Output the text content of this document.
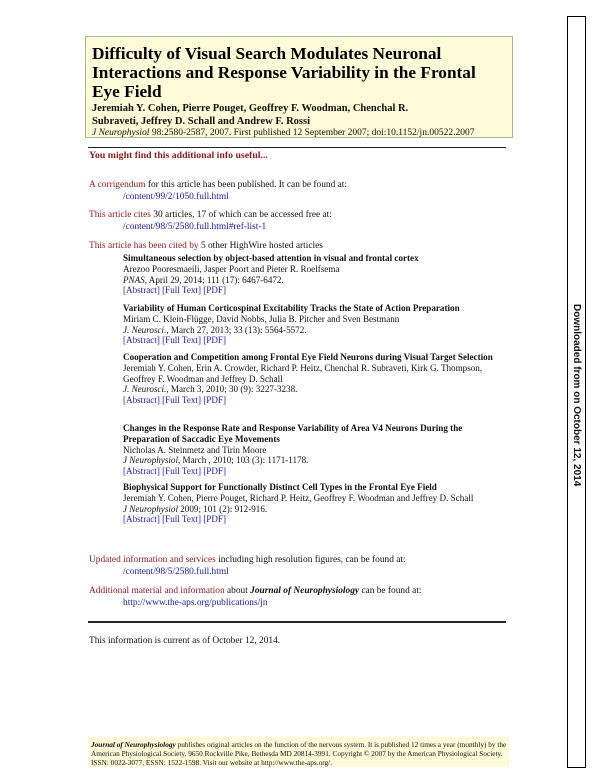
Difficulty of Visual Search Modulates Neuronal
Interactions and Response Variability in the Frontal
Eye Field
Jeremiah Y. Cohen, Pierre Pouget, Geoffrey F. Woodman, Chenchal R.
Subraveti, Jeffrey D. Schall and Andrew F. Rossi
J Neurophysiol 98:2580-2587, 2007. First published 12 September 2007; doi:10.1152/jn.00522.2007
You might find this additional info useful...
A corrigendum for this article has been published. It can be found at:
/content/99/2/1050.full.html
This article cites 30 articles, 17 of which can be accessed free at:
/content/98/5/2580.full.html#ref-list-1
This article has been cited by 5 other HighWire hosted articles
Simultaneous selection by object-based attention in visual and frontal cortex
Arezoo Pooresmaeili, Jasper Poort and Pieter R. Roelfsema
PNAS, April 29, 2014; 111 (17): 6467-6472.
[Abstract] [Full Text] [PDF]
Variability of Human Corticospinal Excitability Tracks the State of Action Preparation
Miriam C. Klein-Flügge, David Nobbs, Julia B. Pitcher and Sven Bestmann
J. Neurosci., March 27, 2013; 33 (13): 5564-5572.
[Abstract] [Full Text] [PDF]
Cooperation and Competition among Frontal Eye Field Neurons during Visual Target Selection
Jeremiah Y. Cohen, Erin A. Crowder, Richard P. Heitz, Chenchal R. Subraveti, Kirk G. Thompson, Geoffrey F. Woodman and Jeffrey D. Schall
J. Neurosci., March 3, 2010; 30 (9): 3227-3238.
[Abstract] [Full Text] [PDF]
Changes in the Response Rate and Response Variability of Area V4 Neurons During the Preparation of Saccadic Eye Movements
Nicholas A. Steinmetz and Tirin Moore
J Neurophysiol, March , 2010; 103 (3): 1171-1178.
[Abstract] [Full Text] [PDF]
Biophysical Support for Functionally Distinct Cell Types in the Frontal Eye Field
Jeremiah Y. Cohen, Pierre Pouget, Richard P. Heitz, Geoffrey F. Woodman and Jeffrey D. Schall
J Neurophysiol 2009; 101 (2): 912-916.
[Abstract] [Full Text] [PDF]
Updated information and services including high resolution figures, can be found at:
/content/98/5/2580.full.html
Additional material and information about Journal of Neurophysiology can be found at:
http://www.the-aps.org/publications/jn
This information is current as of October 12, 2014.
Journal of Neurophysiology publishes original articles on the function of the nervous system. It is published 12 times a year (monthly) by the American Physiological Society, 9650 Rockville Pike, Bethesda MD 20814-3991. Copyright © 2007 by the American Physiological Society. ISSN: 0022-3077, ESSN: 1522-1598. Visit our website at http://www.the-aps.org/.
Downloaded from on October 12, 2014
